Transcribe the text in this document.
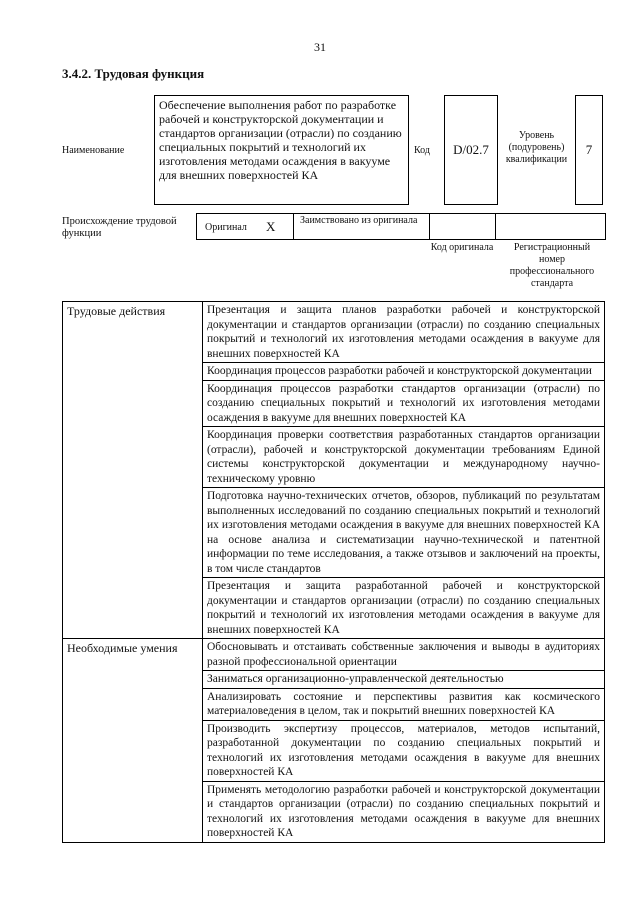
31
3.4.2. Трудовая функция
Наименование
Обеспечение выполнения работ по разработке рабочей и конструкторской документации и стандартов организации (отрасли) по созданию специальных покрытий и технологий их изготовления методами осаждения в вакууме для внешних поверхностей КА
Код D/02.7
Уровень (подуровень) квалификации
7
Происхождение трудовой функции
Оригинал X Заимствовано из оригинала
Код оригинала	Регистрационный номер профессионального стандарта
Трудовые действия	Презентация и защита планов разработки рабочей и конструкторской документации и стандартов организации (отрасли) по созданию специальных покрытий и технологий их изготовления методами осаждения в вакууме для внешних поверхностей КА
	Координация процессов разработки рабочей и конструкторской документации
	Координация процессов разработки стандартов организации (отрасли) по созданию специальных покрытий и технологий их изготовления методами осаждения в вакууме для внешних поверхностей КА
	Координация проверки соответствия разработанных стандартов организации (отрасли), рабочей и конструкторской документации требованиям Единой системы конструкторской документации и международному научно-техническому уровню
	Подготовка научно-технических отчетов, обзоров, публикаций по результатам выполненных исследований по созданию специальных покрытий и технологий их изготовления методами осаждения в вакууме для внешних поверхностей КА на основе анализа и систематизации научно-технической и патентной информации по теме исследования, а также отзывов и заключений на проекты, в том числе стандартов
	Презентация и защита разработанной рабочей и конструкторской документации и стандартов организации (отрасли) по созданию специальных покрытий и технологий их изготовления методами осаждения в вакууме для внешних поверхностей КА
Необходимые умения	Обосновывать и отстаивать собственные заключения и выводы в аудиториях разной профессиональной ориентации
	Заниматься организационно-управленческой деятельностью
	Анализировать состояние и перспективы развития как космического материаловедения в целом, так и покрытий внешних поверхностей КА
	Производить экспертизу процессов, материалов, методов испытаний, разработанной документации по созданию специальных покрытий и технологий их изготовления методами осаждения в вакууме для внешних поверхностей КА
	Применять методологию разработки рабочей и конструкторской документации и стандартов организации (отрасли) по созданию специальных покрытий и технологий их изготовления методами осаждения в вакууме для внешних поверхностей КА
